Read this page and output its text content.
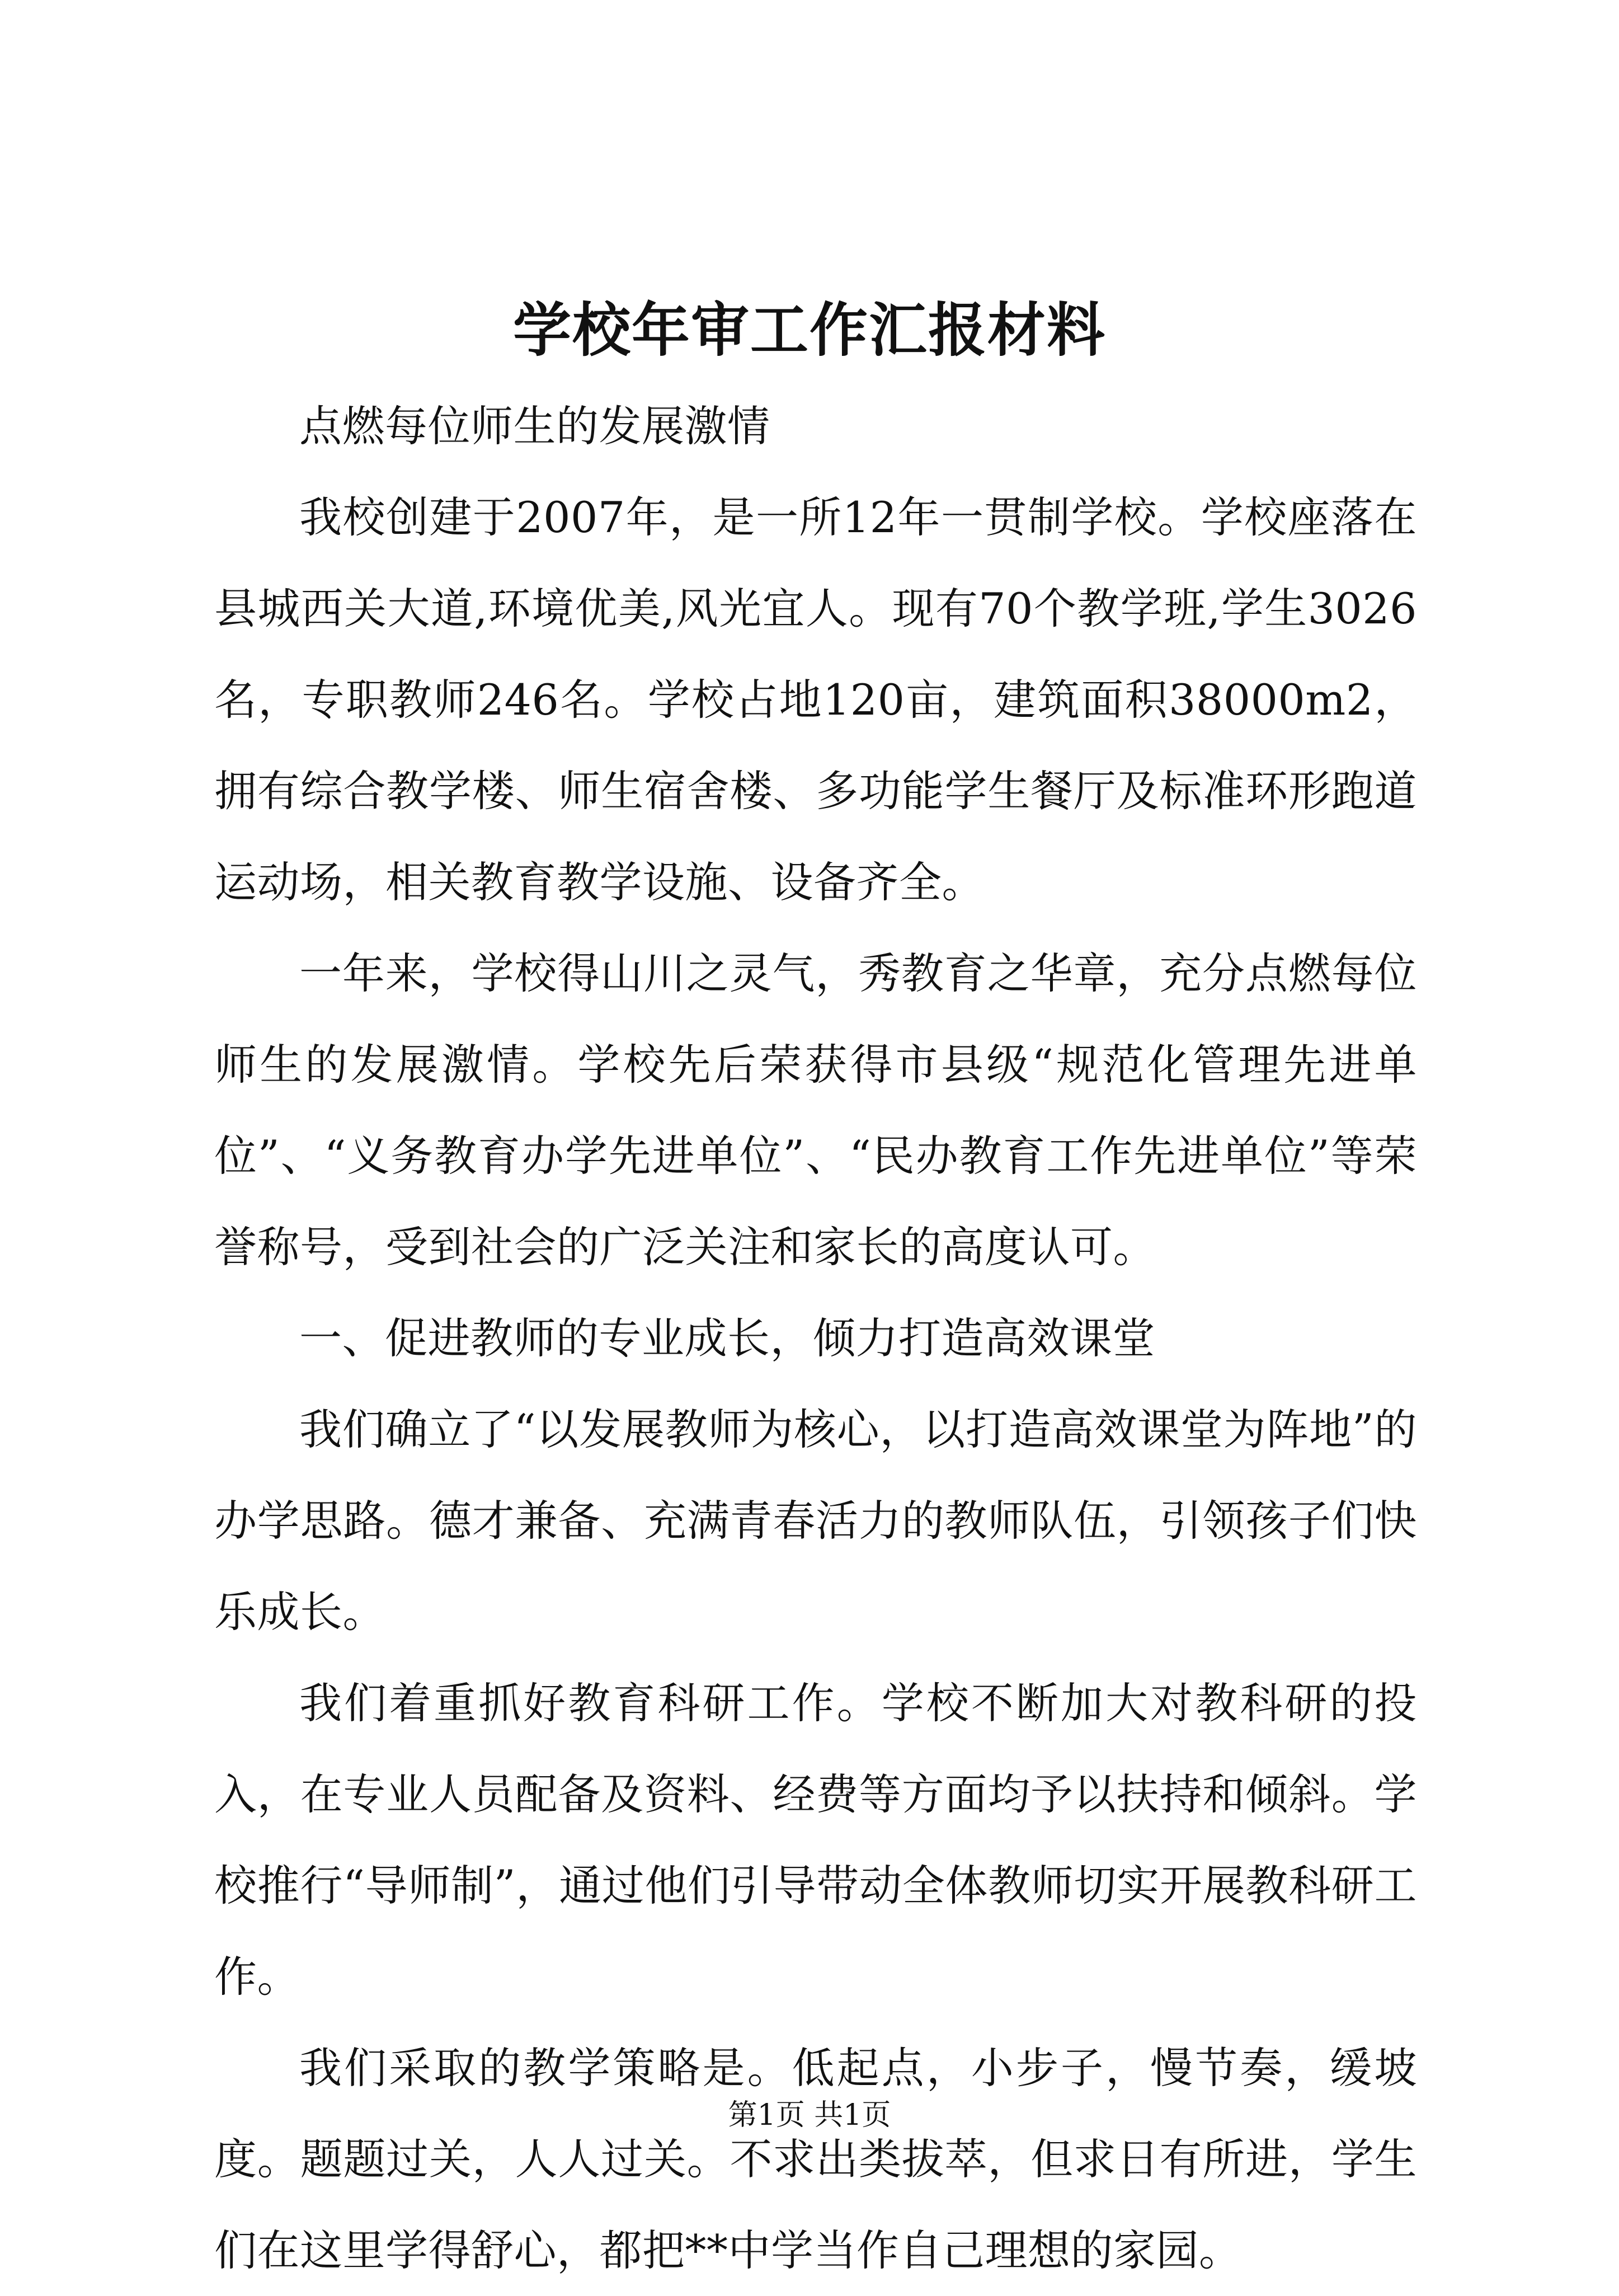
学校年审工作汇报材料

点燃每位师生的发展激情

我校创建于2007年，是一所12年一贯制学校。学校座落在县城西关大道,环境优美,风光宜人。现有70个教学班,学生3026名，专职教师246名。学校占地120亩，建筑面积38000m2，拥有综合教学楼、师生宿舍楼、多功能学生餐厅及标准环形跑道运动场，相关教育教学设施、设备齐全。

一年来，学校得山川之灵气，秀教育之华章，充分点燃每位师生的发展激情。学校先后荣获得市县级“规范化管理先进单位”、“义务教育办学先进单位”、“民办教育工作先进单位”等荣誉称号，受到社会的广泛关注和家长的高度认可。

一、促进教师的专业成长，倾力打造高效课堂

我们确立了“以发展教师为核心，以打造高效课堂为阵地”的办学思路。德才兼备、充满青春活力的教师队伍，引领孩子们快乐成长。

我们着重抓好教育科研工作。学校不断加大对教科研的投入，在专业人员配备及资料、经费等方面均予以扶持和倾斜。学校推行“导师制”，通过他们引导带动全体教师切实开展教科研工作。

我们采取的教学策略是。低起点，小步子，慢节奏，缓坡度。题题过关，人人过关。不求出类拔萃，但求日有所进，学生们在这里学得舒心，都把**中学当作自己理想的家园。

第1页 共1页
